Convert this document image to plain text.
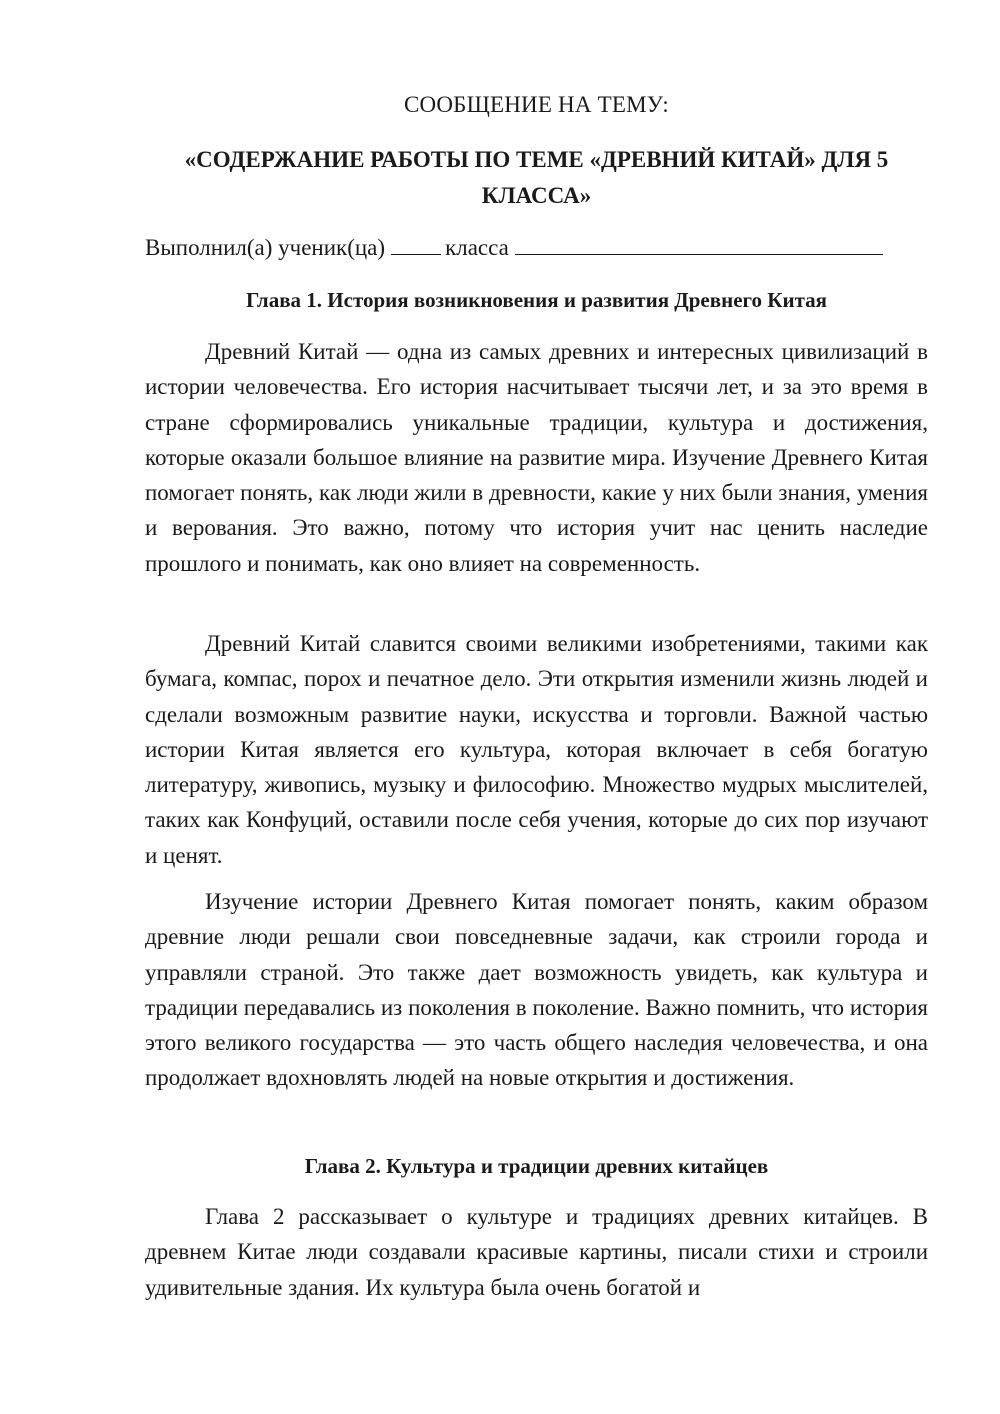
СООБЩЕНИЕ НА ТЕМУ:
«СОДЕРЖАНИЕ РАБОТЫ ПО ТЕМЕ «ДРЕВНИЙ КИТАЙ» ДЛЯ 5 КЛАССА»
Выполнил(а) ученик(ца)	класса
Глава 1. История возникновения и развития Древнего Китая

Древний Китай — одна из самых древних и интересных цивилизаций в истории человечества. Его история насчитывает тысячи лет, и за это время в стране сформировались уникальные традиции, культура и достижения, которые оказали большое влияние на развитие мира. Изучение Древнего Китая помогает понять, как люди жили в древности, какие у них были знания, умения и верования. Это важно, потому что история учит нас ценить наследие прошлого и понимать, как оно влияет на современность.

Древний Китай славится своими великими изобретениями, такими как бумага, компас, порох и печатное дело. Эти открытия изменили жизнь людей и сделали возможным развитие науки, искусства и торговли. Важной частью истории Китая является его культура, которая включает в себя богатую литературу, живопись, музыку и философию. Множество мудрых мыслителей, таких как Конфуций, оставили после себя учения, которые до сих пор изучают и ценят.

Изучение истории Древнего Китая помогает понять, каким образом древние люди решали свои повседневные задачи, как строили города и управляли страной. Это также дает возможность увидеть, как культура и традиции передавались из поколения в поколение. Важно помнить, что история этого великого государства — это часть общего наследия человечества, и она продолжает вдохновлять людей на новые открытия и достижения.

Глава 2. Культура и традиции древних китайцев

Глава 2 рассказывает о культуре и традициях древних китайцев. В древнем Китае люди создавали красивые картины, писали стихи и строили удивительные здания. Их культура была очень богатой и
